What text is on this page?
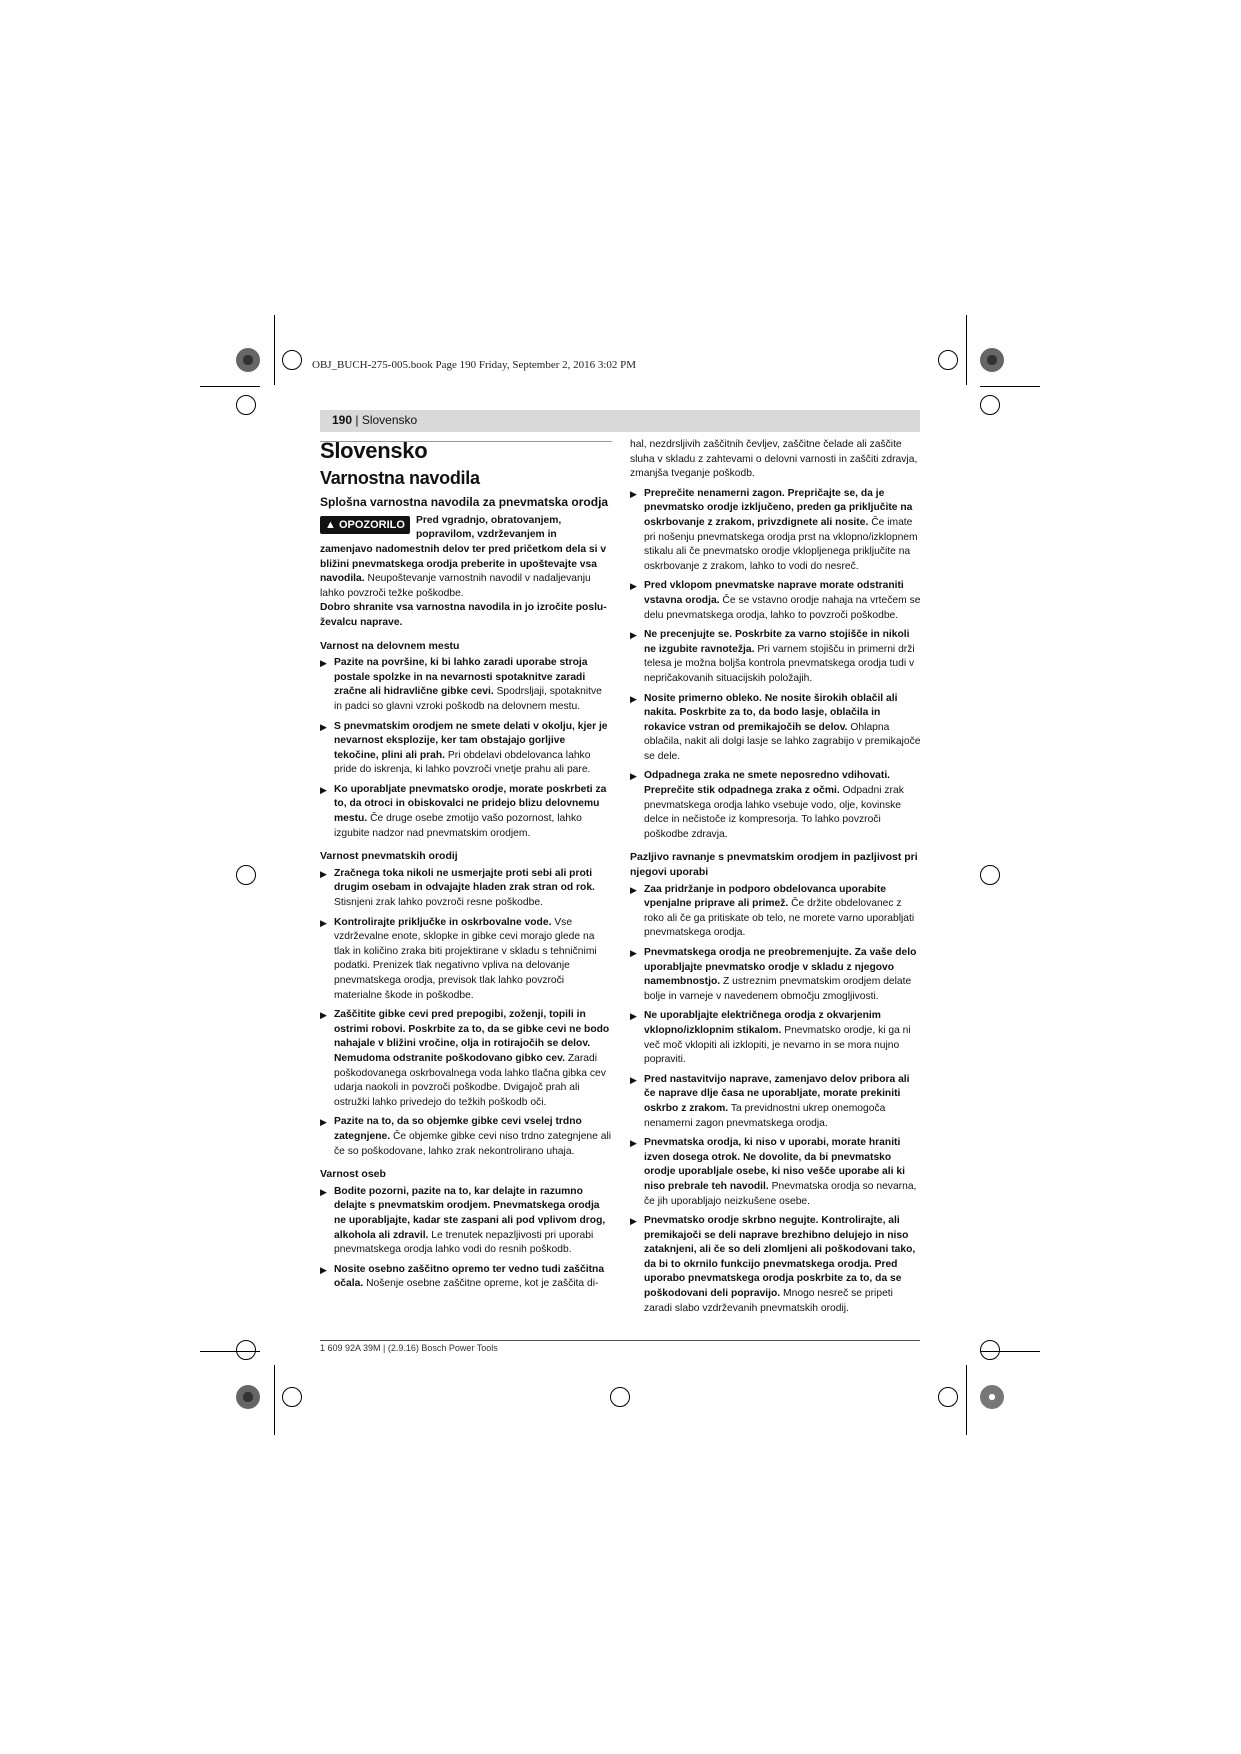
OBJ_BUCH-275-005.book Page 190 Friday, September 2, 2016 3:02 PM
190 | Slovensko
Slovensko
Varnostna navodila
Splošna varnostna navodila za pnevmatska orodja
▲ OPOZORILO	Pred vgradnjo, obratovanjem, popravilom, vzdrževanjem in zamenjavo nadomestnih delov ter pred pričetkom dela si v bližini pnevmatskega orodja preberite in upoštevajte vsa navodila. Neupoštevanje varnostnih navodil v nadaljevanju lahko povzroči težke poškodbe.

Dobro shranite vsa varnostna navodila in jo izročite poslu-ževalcu naprave.

Varnost na delovnem mestu
▶ Pazite na površine, ki bi lahko zaradi uporabe stroja postale spolzke in na nevarnosti spotaknitve zaradi zračne ali hidravlične gibke cevi. Spodrsljaji, spotaknitve in padci so glavni vzroki poškodb na delovnem mestu.
▶ S pnevmatskim orodjem ne smete delati v okolju, kjer je nevarnost eksplozije, ker tam obstajajo gorljive tekočine, plini ali prah. Pri obdelavi obdelovanca lahko pride do iskrenja, ki lahko povzroči vnetje prahu ali pare.
▶ Ko uporabljate pnevmatsko orodje, morate poskrbeti za to, da otroci in obiskovalci ne pridejo blizu delovnemu mestu. Če druge osebe zmotijo vašo pozornost, lahko izgubite nadzor nad pnevmatskim orodjem.
Varnost pnevmatskih orodij
▶ Zračnega toka nikoli ne usmerjajte proti sebi ali proti drugim osebam in odvajajte hladen zrak stran od rok. Stisnjeni zrak lahko povzroči resne poškodbe.
▶ Kontrolirajte priključke in oskrbovalne vode. Vse vzdrževalne enote, sklopke in gibke cevi morajo glede na tlak in količino zraka biti projektirane v skladu s tehničnimi podatki. Prenizek tlak negativno vpliva na delovanje pnevmatskega orodja, previsok tlak lahko povzroči materialne škode in poškodbe.
▶ Zaščitite gibke cevi pred prepogibi, zoženji, topili in ostrimi robovi. Poskrbite za to, da se gibke cevi ne bodo nahajale v bližini vročine, olja in rotirajočih se delov. Nemudoma odstranite poškodovano gibko cev. Zaradi poškodovanega oskrbovalnega voda lahko tlačna gibka cev udarja naokoli in povzroči poškodbe. Dvigajoč prah ali ostružki lahko privedejo do težkih poškodb oči.
▶ Pazite na to, da so objemke gibke cevi vselej trdno zategnjene. Če objemke gibke cevi niso trdno zategnjene ali če so poškodovane, lahko zrak nekontrolirano uhaja.
Varnost oseb
▶ Bodite pozorni, pazite na to, kar delajte in razumno delajte s pnevmatskim orodjem. Pnevmatskega orodja ne uporabljajte, kadar ste zaspani ali pod vplivom drog, alkohola ali zdravil. Le trenutek nepazljivosti pri uporabi pnevmatskega orodja lahko vodi do resnih poškodb.
▶ Nosite osebno zaščitno opremo ter vedno tudi zaščitna očala. Nošenje osebne zaščitne opreme, kot je zaščita di-

hal, nezdrsljivih zaščitnih čevljev, zaščitne čelade ali zaščite sluha v skladu z zahtevami o delovni varnosti in zaščiti zdravja, zmanjša tveganje poškodb.

▶ Preprečite nenamerni zagon. Prepričajte se, da je pnevmatsko orodje izključeno, preden ga priključite na oskrbovanje z zrakom, privzdignete ali nosite. Če imate pri nošenju pnevmatskega orodja prst na vklopno/izklopnem stikalu ali če pnevmatsko orodje vklopljenega priključite na oskrbovanje z zrakom, lahko to vodi do nesreč.
▶ Pred vklopom pnevmatske naprave morate odstraniti vstavna orodja. Če se vstavno orodje nahaja na vrtečem se delu pnevmatskega orodja, lahko to povzroči poškodbe.
▶ Ne precenjujte se. Poskrbite za varno stojišče in nikoli ne izgubite ravnotežja. Pri varnem stojišču in primerni drži telesa je možna boljša kontrola pnevmatskega orodja tudi v nepričakovanih situacijskih položajih.
▶ Nosite primerno obleko. Ne nosite širokih oblačil ali nakita. Poskrbite za to, da bodo lasje, oblačila in rokavice vstran od premikajočih se delov. Ohlapna oblačila, nakit ali dolgi lasje se lahko zagrabijo v premikajoče se dele.
▶ Odpadnega zraka ne smete neposredno vdihovati. Preprečite stik odpadnega zraka z očmi. Odpadni zrak pnevmatskega orodja lahko vsebuje vodo, olje, kovinske delce in nečistoče iz kompresorja. To lahko povzroči poškodbe zdravja.
Pazljivo ravnanje s pnevmatskim orodjem in pazljivost pri njegovi uporabi
▶ Zaa pridržanje in podporo obdelovanca uporabite vpenjalne priprave ali primež. Če držite obdelovanec z roko ali če ga pritiskate ob telo, ne morete varno uporabljati pnevmatskega orodja.
▶ Pnevmatskega orodja ne preobremenjujte. Za vaše delo uporabljajte pnevmatsko orodje v skladu z njegovo namembnostjo. Z ustreznim pnevmatskim orodjem delate bolje in varneje v navedenem območju zmogljivosti.
▶ Ne uporabljajte električnega orodja z okvarjenim vklopno/izklopnim stikalom. Pnevmatsko orodje, ki ga ni več moč vklopiti ali izklopiti, je nevarno in se mora nujno popraviti.
▶ Pred nastavitvijo naprave, zamenjavo delov pribora ali če naprave dlje časa ne uporabljate, morate prekiniti oskrbo z zrakom. Ta previdnostni ukrep onemogoča nenamerni zagon pnevmatskega orodja.
▶ Pnevmatska orodja, ki niso v uporabi, morate hraniti izven dosega otrok. Ne dovolite, da bi pnevmatsko orodje uporabljale osebe, ki niso vešče uporabe ali ki niso prebrale teh navodil. Pnevmatska orodja so nevarna, če jih uporabljajo neizkušene osebe.
▶ Pnevmatsko orodje skrbno negujte. Kontrolirajte, ali premikajoči se deli naprave brezhibno delujejo in niso zataknjeni, ali če so deli zlomljeni ali poškodovani tako, da bi to okrnilo funkcijo pnevmatskega orodja. Pred uporabo pnevmatskega orodja poskrbite za to, da se poškodovani deli popravijo. Mnogo nesreč se pripeti zaradi slabo vzdrževanih pnevmatskih orodij.
1 609 92A 39M | (2.9.16) Bosch Power Tools
